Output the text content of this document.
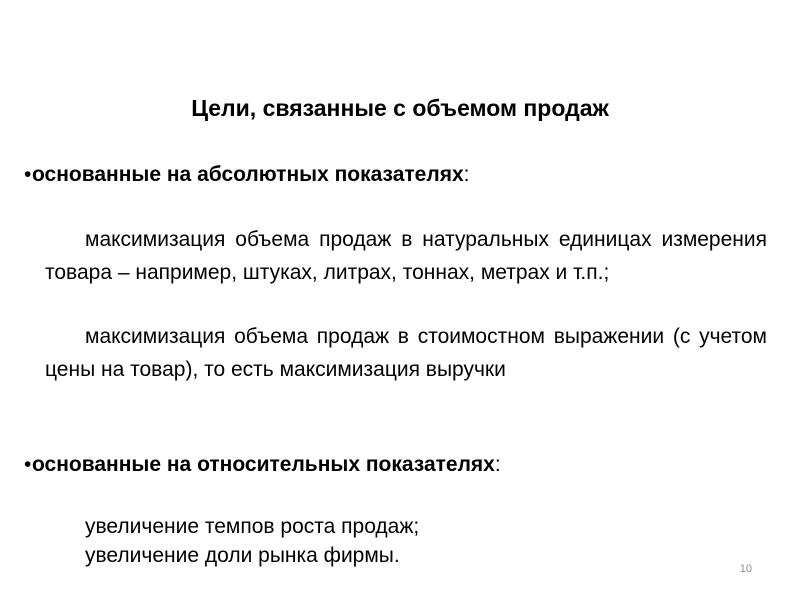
Цели, связанные с объемом продаж

•основанные на абсолютных показателях:

максимизация объема продаж в натуральных единицах измерения товара – например, штуках, литрах, тоннах, метрах и т.п.;

максимизация объема продаж в стоимостном выражении (с учетом цены на товар), то есть максимизация выручки

•основанные на относительных показателях:

увеличение темпов роста продаж;

увеличение доли рынка фирмы.

10
